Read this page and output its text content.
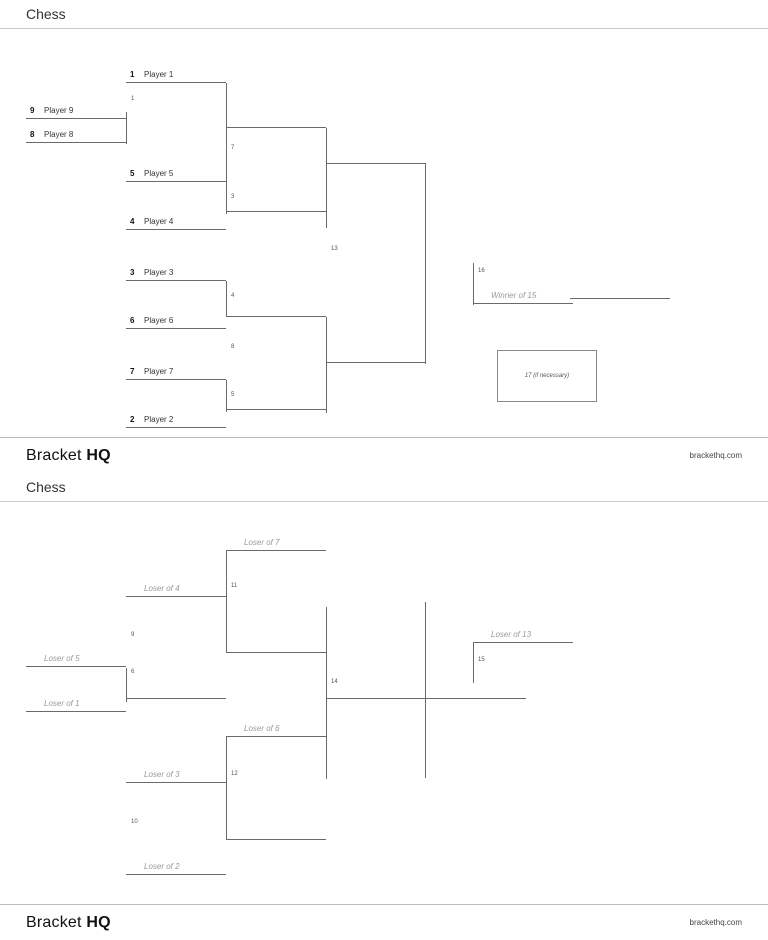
Chess
1 Player 1
9 Player 9
8 Player 8
5 Player 5
4 Player 4
3 Player 3
6 Player 6
7 Player 7
2 Player 2
Winner of 15
1
7
3
4
8
5
13
16
17 (if necessary)
Bracket HQ	brackethq.com
Chess
Loser of 7
Loser of 4
Loser of 5
Loser of 1
Loser of 6
Loser of 3
Loser of 2
Loser of 13
6
9
11
10
12
14
15
Bracket HQ	brackethq.com
